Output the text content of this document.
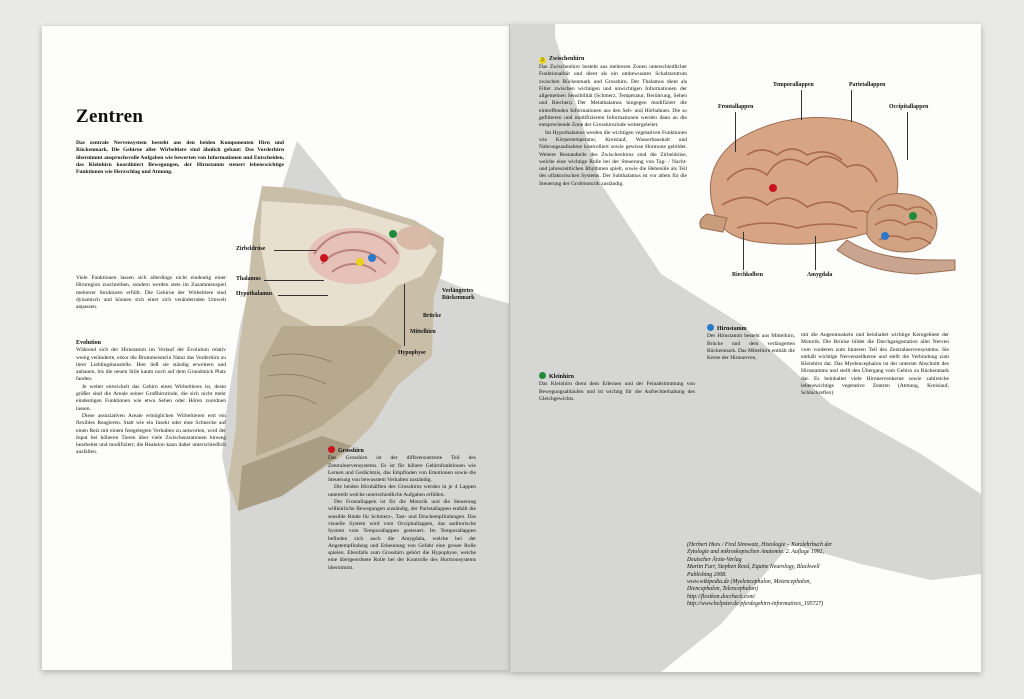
Zentren

Das zentrale Nervensystem besteht aus den beiden Komponenten Hirn und Rückenmark. Die Gehirne aller Wirbeltiere sind ähnlich gebaut: Das Vorderhirn übernimmt anspruchsvolle Aufgaben wie bewerten von Informationen und Entscheiden, das Kleinhirn koordiniert Bewegungen, der Hirnstamm steuert lebenswichtige Funktionen wie Herzschlag und Atmung.

Viele Funktionen lassen sich allerdings nicht eindeutig einer Hirnregion zuschreiben, sondern werden stets im Zusammenspiel mehrerer Strukturen erfüllt. Die Gehirne der Wirbeltiere sind dynamisch und können sich einer sich verändernden Umwelt anpassen.

Evolution

Während sich der Hirnstamm im Verlauf der Evolution relativ wenig veränderte, erkor die Brummeisterin Natur das Vorderhirn zu ihrer Lieblingsbaustelle. Hier ließ sie ständig erweitern und anbauen, bis die neuen Stile kaum noch auf dem Grundstück Platz fanden.

Je weiter entwickelt das Gehirn eines Wirbeltieres ist, desto größer sind die Areale seiner Großhirnrinde, die sich nicht mehr eindeutigen Funktionen wie etwa Sehen oder Hören zuordnen lassen.

Diese assoziativen Areale ermöglichen Wirbeltieren erst ein flexibles Reagieren. Statt wie ein Insekt oder eine Schnecke auf einen Reiz mit einem festgelegten Verhalten zu antworten, wird der Input bei höheren Tieren über viele Zwischenstationen hinweg bearbeitet und modifiziert; die Reaktion kann daher unterschiedlich ausfallen.	Grosshirn

Das Grosshirn ist der differenzierteste Teil des Zentralnervensystems. Es ist für höhere Gehirnfunktionen wie Lernen und Gedächtnis, das Empfinden von Emotionen sowie die Steuerung von bewusstem Verhalten zuständig.

Die beiden Hirnhälften des Grosshirns werden in je 4 Lappen unterteilt welche unterschiedliche Aufgaben erfüllen.

Der Frontallappen ist für die Motorik und die Steuerung willkürliche Bewegungen zuständig, der Parietallappen enthält die sensible Rinde für Schmerz-, Tast- und Druckempfindungen. Das visuelle System wird vom Occipitallappen, das auditorische System vom Temporallappen gesteuert. Im Temporallappen befinden sich auch die Amygdala, welche bei der Angstempfindung und Erkennung von Gefahr eine grosse Rolle spielen. Ebenfalls zum Grosshirn gehört die Hypophyse, welche eine übergeordnete Rolle bei der Kontrolle des Hormonsystems übernimmt.

Zirbeldrüse
Thalamus
Hypothalamus	Verlängertes Rückenmark
Brücke
Mittelhirn
Hypophyse

2 Zwischenhirn

Das Zwischenhirn besteht aus mehreren Zonen unterschiedlicher Funktionalität und dient als ein umbewusstes Schaltzentrum zwischen Rückenmark und Grosshirn. Der Thalamus dient als Filter zwischen wichtigen und unwichtigen Informationen der allgemeinen Sensibilität (Schmerz, Temperatur, Berührung, Sehen und Riechen). Der Metathalamus hingegen modifiziert die eintreffenden Informationen aus den Seh- und Hörbahnen. Die so gefilterten und modifizierten Informationen werden dann an die entsprechende Zone der Grosshirnrinde weitergeleitet.

Im Hypothalamus werden die wichtigen vegetativen Funktionen wie Körpertemperatur, Kreislauf, Wasserhaushalt und Nahrungsaufnahme kontrolliert sowie gewisse Hormone gebildet. Weitere Bestandteile des Zwischenhirns sind die Zirbeldrüse, welche eine wichtige Rolle bei der Steuerung von Tag- / Nacht- und jahreszeitlichen Rhythmen spielt, sowie die Hebenüle als Teil des olfaktorischen Systems. Der Subthalamus ist vor allem für die Steuerung der Grobmotorik zuständig.

Temporallappen	Parietallappen
Frontallappen	Occipitallappen
Riechkolben	Amygdala

Kleinhirn

Das Kleinhirn dient dem Erlernen und der Feinabstimmung von Bewegungsabläufen und ist wichtig für die Aufrechterhaltung des Gleichgewichts.

Hirnstamm

Der Hirnstamm besteht aus Mittelhirn, Brücke und dem verlängerten Rückenmark. Das Mittelhirn enthält die Kerne der Hirnnerven,

mit die Augenmuskeln und beinhaltet wichtige Kerngebiete der Motorik. Die Brücke bildet die Durchgangsstation aller Nerven vom vorderen zum hinteren Teil des Zentralnervensystems. Sie enthält wichtige Nervenzellkerne und stellt die Verbindung zum Kleinhirn dar. Das Myelencephalon ist der unterste Abschnitt des Hirnstamms und stellt den Übergang vom Gehirn zu Rückenmark dar. Es beinhaltet viele Hirnnervenkerne sowie zahlreiche lebenswichtige vegetative Zentren (Atmung, Kreislauf, Schluckreflex)

(Herbert Hees / Fred Sinowatz, Histologie – Kurzlehrbuch der Zytologie und mikroskopischen Anatomie. 2. Auflage 1992, Deutscher Ärzte-Verlag

Martin Furr, Stephen Reed, Equine Neurology, Blackwell Publishing 2008.

www.wikipedia.de (Myelencephalon, Metencephalon, Diencephalon, Telencephalon)

http://flexikon.doccheck.com/

http://www.helpster.de/pferdegehirn-informatives_195727)
